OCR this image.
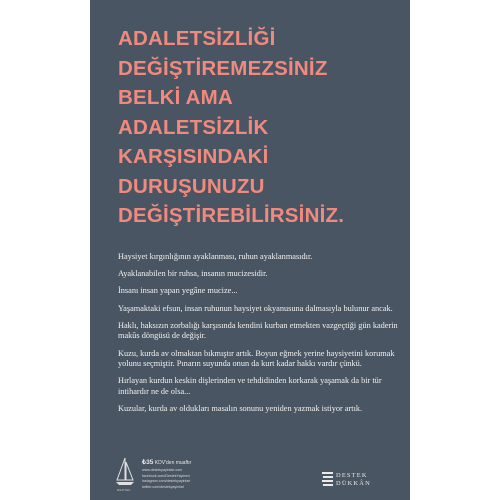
ADALETSİZLİĞİ
DEĞİŞTİREMEZSİNİZ
BELKİ AMA
ADALETSİZLİK
KARŞISINDAKİ
DURUŞUNUZU
DEĞİŞTİREBİLİRSİNİZ.

Haysiyet kırgınlığının ayaklanması, ruhun ayaklanmasıdır.

Ayaklanabilen bir ruhsa, insanın mucizesidir.

İnsanı insan yapan yegâne mucize...

Yaşamaktaki efsun, insan ruhunun haysiyet okyanusuna dalmasıyla bulunur ancak.

Haklı, haksızın zorbalığı karşısında kendini kurban etmekten vazgeçtiği gün kaderin makûs döngüsü de değişir.

Kuzu, kurda av olmaktan bıkmıştır artık. Boyun eğmek yerine haysiyetini korumak yolunu seçmiştir. Pınarın suyunda onun da kurt kadar hakkı vardır çünkü.

Hırlayan kurdun keskin dişlerinden ve tehdidinden korkarak yaşamak da bir tür intihardır ne de olsa...

Kuzular, kurda av oldukları masalın sonunu yeniden yazmak istiyor artık.

DESTEK
₺35 KDV'den muaftır
www.destekyayinlari.com
facebook.com/DestekYayinevi
instagram.com/destekyayinlari
twitter.com/destekyayinlari
DESTEK
DÜKKÂN
